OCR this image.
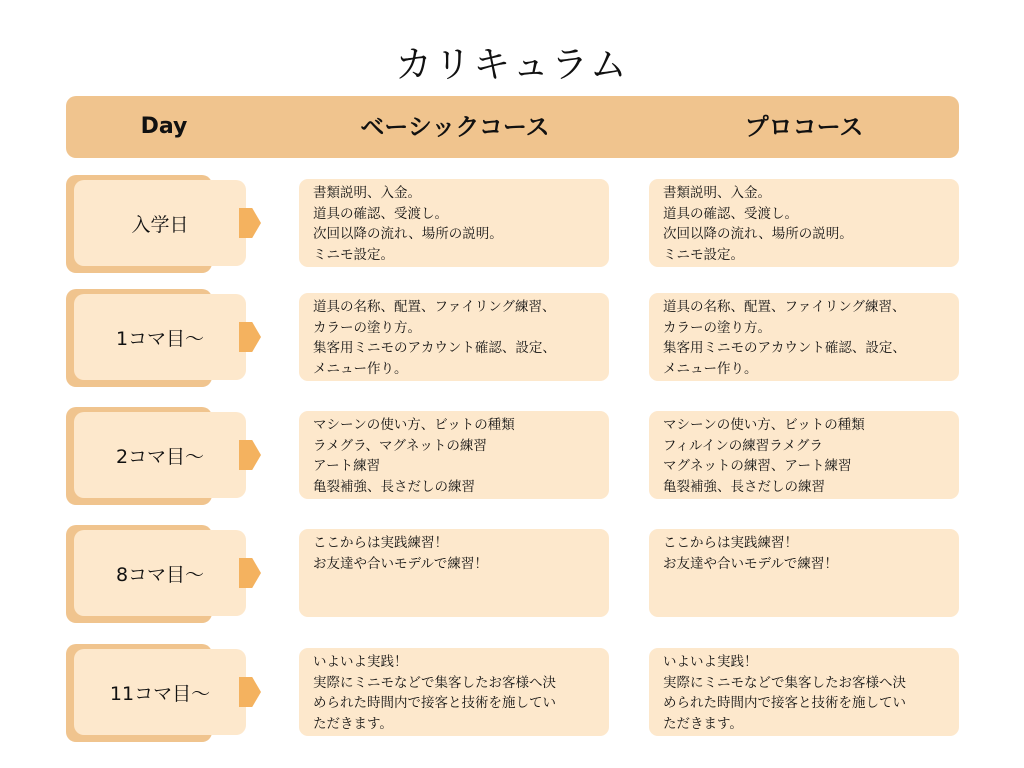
カリキュラム
Day	ベーシックコース	プロコース
入学日
書類説明、入金。
道具の確認、受渡し。
次回以降の流れ、場所の説明。
ミニモ設定。
書類説明、入金。
道具の確認、受渡し。
次回以降の流れ、場所の説明。
ミニモ設定。
1コマ目〜
道具の名称、配置、ファイリング練習、
カラーの塗り方。
集客用ミニモのアカウント確認、設定、
メニュー作り。
道具の名称、配置、ファイリング練習、
カラーの塗り方。
集客用ミニモのアカウント確認、設定、
メニュー作り。
2コマ目〜
マシーンの使い方、ビットの種類
ラメグラ、マグネットの練習
アート練習
亀裂補強、長さだしの練習
マシーンの使い方、ビットの種類
フィルインの練習ラメグラ
マグネットの練習、アート練習
亀裂補強、長さだしの練習
8コマ目〜
ここからは実践練習！
お友達や合いモデルで練習！
ここからは実践練習！
お友達や合いモデルで練習！
11コマ目〜
いよいよ実践！
実際にミニモなどで集客したお客様へ決
められた時間内で接客と技術を施してい
ただきます。
いよいよ実践！
実際にミニモなどで集客したお客様へ決
められた時間内で接客と技術を施してい
ただきます。
